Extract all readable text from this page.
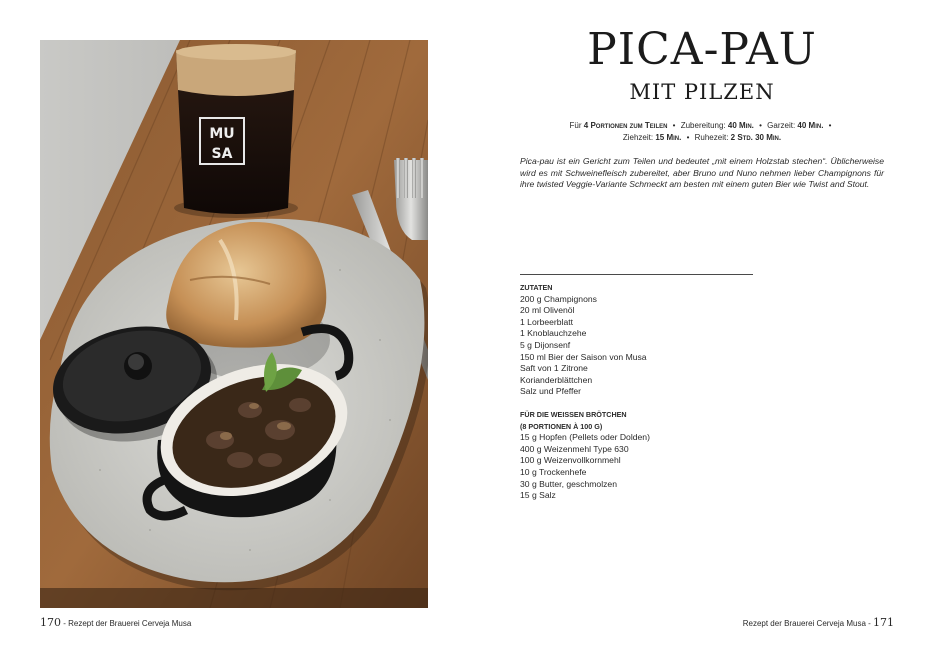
MU
SA
PICA-PAU
MIT PILZEN
Für 4 Portionen zum Teilen • Zubereitung: 40 Min. • Garzeit: 40 Min. •
Ziehzeit: 15 Min. • Ruhezeit: 2 Std. 30 Min.

Pica-pau ist ein Gericht zum Teilen und bedeutet „mit einem Holzstab stechen“. Üblicherweise wird es mit Schweinefleisch zubereitet, aber Bruno und Nuno nehmen lieber Champignons für ihre twisted Veggie-Variante Schmeckt am besten mit einem guten Bier wie Twist and Stout.

ZUTATEN
200 g Champignons
20 ml Olivenöl
1 Lorbeerblatt
1 Knoblauchzehe
5 g Dijonsenf
150 ml Bier der Saison von Musa
Saft von 1 Zitrone
Korianderblättchen
Salz und Pfeffer
FÜR DIE WEISSEN BRÖTCHEN
(8 PORTIONEN À 100 G)
15 g Hopfen (Pellets oder Dolden)
400 g Weizenmehl Type 630
100 g Weizenvollkornmehl
10 g Trockenhefe
30 g Butter, geschmolzen
15 g Salz
170 - Rezept der Brauerei Cerveja Musa	Rezept der Brauerei Cerveja Musa - 171
